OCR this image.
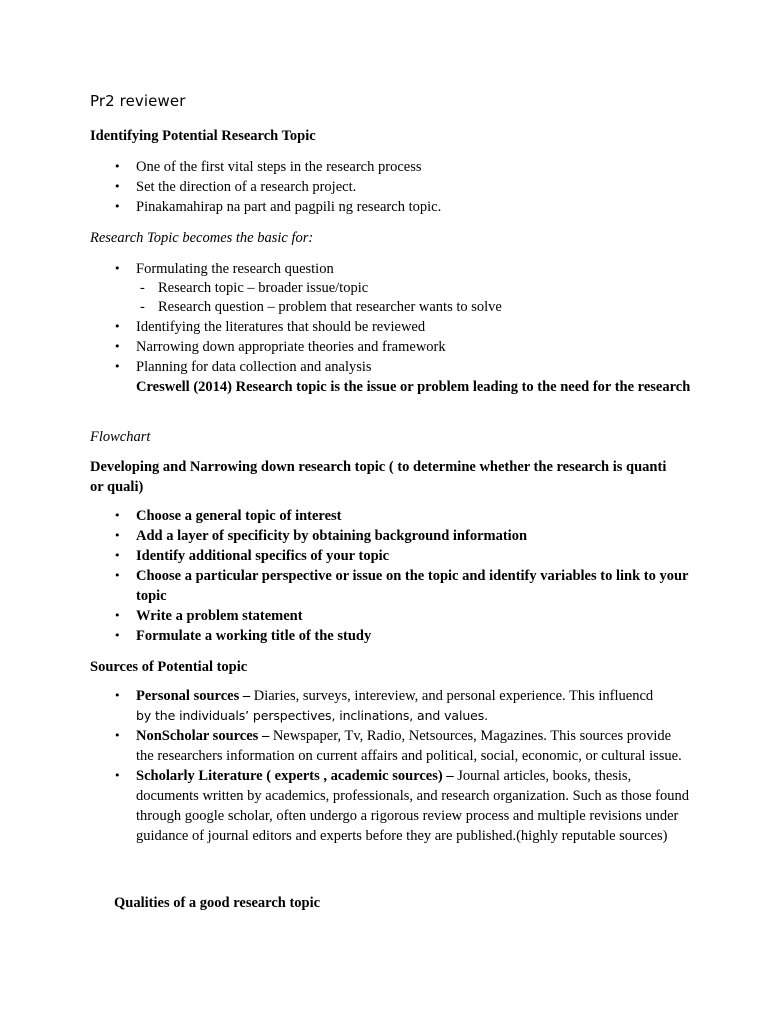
Pr2 reviewer
Identifying Potential Research Topic
• One of the first vital steps in the research process
• Set the direction of a research project.
• Pinakamahirap na part and pagpili ng research topic.
Research Topic becomes the basic for:
• Formulating the research question
- Research topic – broader issue/topic
- Research question – problem that researcher wants to solve
• Identifying the literatures that should be reviewed
• Narrowing down appropriate theories and framework
• Planning for data collection and analysis
Creswell (2014) Research topic is the issue or problem leading to the need for the research
Flowchart
Developing and Narrowing down research topic ( to determine whether the research is quanti or quali)
• Choose a general topic of interest
• Add a layer of specificity by obtaining background information
• Identify additional specifics of your topic
• Choose a particular perspective or issue on the topic and identify variables to link to your topic
• Write a problem statement
• Formulate a working title of the study
Sources of Potential topic
• Personal sources – Diaries, surveys, intereview, and personal experience. This influencd
by the individuals’ perspectives, inclinations, and values.
• NonScholar sources – Newspaper, Tv, Radio, Netsources, Magazines. This sources provide the researchers information on current affairs and political, social, economic, or cultural issue.
• Scholarly Literature ( experts , academic sources) – Journal articles, books, thesis, documents written by academics, professionals, and research organization. Such as those found through google scholar, often undergo a rigorous review process and multiple revisions under guidance of journal editors and experts before they are published.(highly reputable sources)
Qualities of a good research topic
